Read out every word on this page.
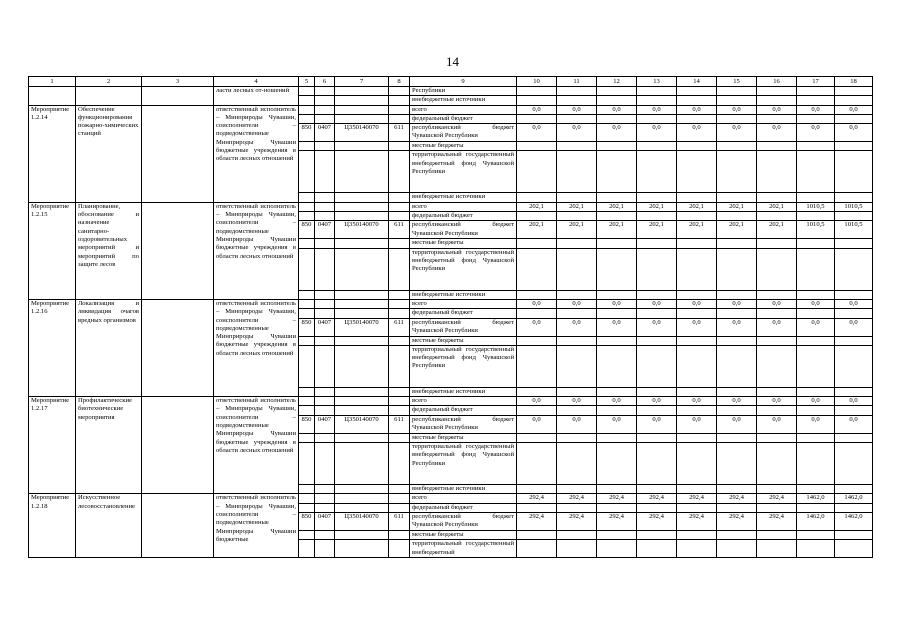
14
1	2	3	4	5	6	7	8	9	10	11	12	13	14	15	16	17	18
			ласти лесных от-ношений					Республики									
								внебюджетные источники									
Мероприятие 1.2.14	Обеспечение функционирования пожарно-химических станций		ответственный исполнитель – Минприроды Чувашии, соисполнители – подведомственные Минприроды Чувашии бюджетные учреждения в области лесных отношений					всего	0,0	0,0	0,0	0,0	0,0	0,0	0,0	0,0	0,0
								федеральный бюджет									
				850	0407	Ц350140070	611	республиканский бюджет Чувашской Республики	0,0	0,0	0,0	0,0	0,0	0,0	0,0	0,0	0,0
								местные бюджеты									
								территориальный государственный внебюджетный фонд Чувашской Республики									
								внебюджетные источники									
Мероприятие 1.2.15	Планирование, обоснование и назначение санитарно-оздоровительных мероприятий и мероприятий по защите лесов		ответственный исполнитель – Минприроды Чувашии, соисполнители – подведомственные Минприроды Чувашии бюджетные учреждения в области лесных отношений					всего	202,1	202,1	202,1	202,1	202,1	202,1	202,1	1010,5	1010,5
								федеральный бюджет									
				850	0407	Ц350140070	611	республиканский бюджет Чувашской Республики	202,1	202,1	202,1	202,1	202,1	202,1	202,1	1010,5	1010,5
								местные бюджеты									
								территориальный государственный внебюджетный фонд Чувашской Республики									
								внебюджетные источники									
Мероприятие 1.2.16	Локализация и ликвидация очагов вредных организмов		ответственный исполнитель – Минприроды Чувашии, соисполнители – подведомственные Минприроды Чувашии бюджетные учреждения в области лесных отношений					всего	0,0	0,0	0,0	0,0	0,0	0,0	0,0	0,0	0,0
								федеральный бюджет									
				850	0407	Ц350140070	611	республиканский бюджет Чувашской Республики	0,0	0,0	0,0	0,0	0,0	0,0	0,0	0,0	0,0
								местные бюджеты									
								территориальный государственный внебюджетный фонд Чувашской Республики									
								внебюджетные источники									
Мероприятие 1.2.17	Профилактические биотехнические мероприятия		ответственный исполнитель – Минприроды Чувашии, соисполнители – подведомственные Минприроды Чувашии бюджетные учреждения в области лесных отношений					всего	0,0	0,0	0,0	0,0	0,0	0,0	0,0	0,0	0,0
								федеральный бюджет									
				850	0407	Ц350140070	611	республиканский бюджет Чувашской Республики	0,0	0,0	0,0	0,0	0,0	0,0	0,0	0,0	0,0
								местные бюджеты									
								территориальный государственный внебюджетный фонд Чувашской Республики									
								внебюджетные источники									
Мероприятие 1.2.18	Искусственное лесовосстановление		ответственный исполнитель – Минприроды Чувашии, соисполнители – подведомственные Минприроды Чувашии бюджетные					всего	292,4	292,4	292,4	292,4	292,4	292,4	292,4	1462,0	1462,0
								федеральный бюджет									
				850	0407	Ц350140070	611	республиканский бюджет Чувашской Республики	292,4	292,4	292,4	292,4	292,4	292,4	292,4	1462,0	1462,0
								местные бюджеты									
								территориальный государственный внебюджетный									
